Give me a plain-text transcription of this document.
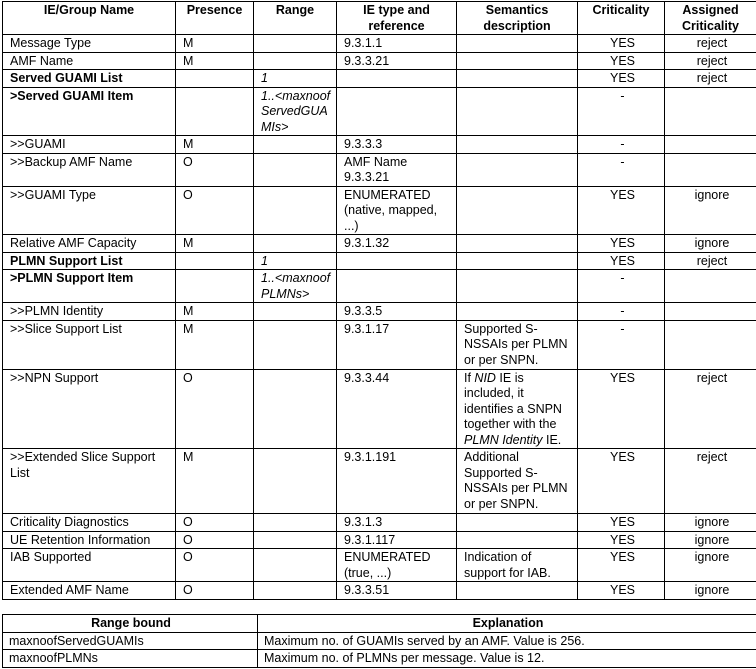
IE/Group Name	Presence	Range	IE type and reference	Semantics description	Criticality	Assigned Criticality
Message Type	M		9.3.1.1		YES	reject
AMF Name	M		9.3.3.21		YES	reject
Served GUAMI List		1			YES	reject
>Served GUAMI Item		1..<maxnoofServedGUAMIs>			-	
>>GUAMI	M		9.3.3.3		-	
>>Backup AMF Name	O		AMF Name 9.3.3.21		-	
>>GUAMI Type	O		ENUMERATED (native, mapped, ...)		YES	ignore
Relative AMF Capacity	M		9.3.1.32		YES	ignore
PLMN Support List		1			YES	reject
>PLMN Support Item		1..<maxnoofPLMNs>			-	
>>PLMN Identity	M		9.3.3.5		-	
>>Slice Support List	M		9.3.1.17	Supported S-NSSAIs per PLMN or per SNPN.	-	
>>NPN Support	O		9.3.3.44	If NID IE is included, it identifies a SNPN together with the PLMN Identity IE.	YES	reject
>>Extended Slice Support List	M		9.3.1.191	Additional Supported S-NSSAIs per PLMN or per SNPN.	YES	reject
Criticality Diagnostics	O		9.3.1.3		YES	ignore
UE Retention Information	O		9.3.1.117		YES	ignore
IAB Supported	O		ENUMERATED (true, ...)	Indication of support for IAB.	YES	ignore
Extended AMF Name	O		9.3.3.51		YES	ignore
Range bound	Explanation
maxnoofServedGUAMIs	Maximum no. of GUAMIs served by an AMF. Value is 256.
maxnoofPLMNs	Maximum no. of PLMNs per message. Value is 12.
